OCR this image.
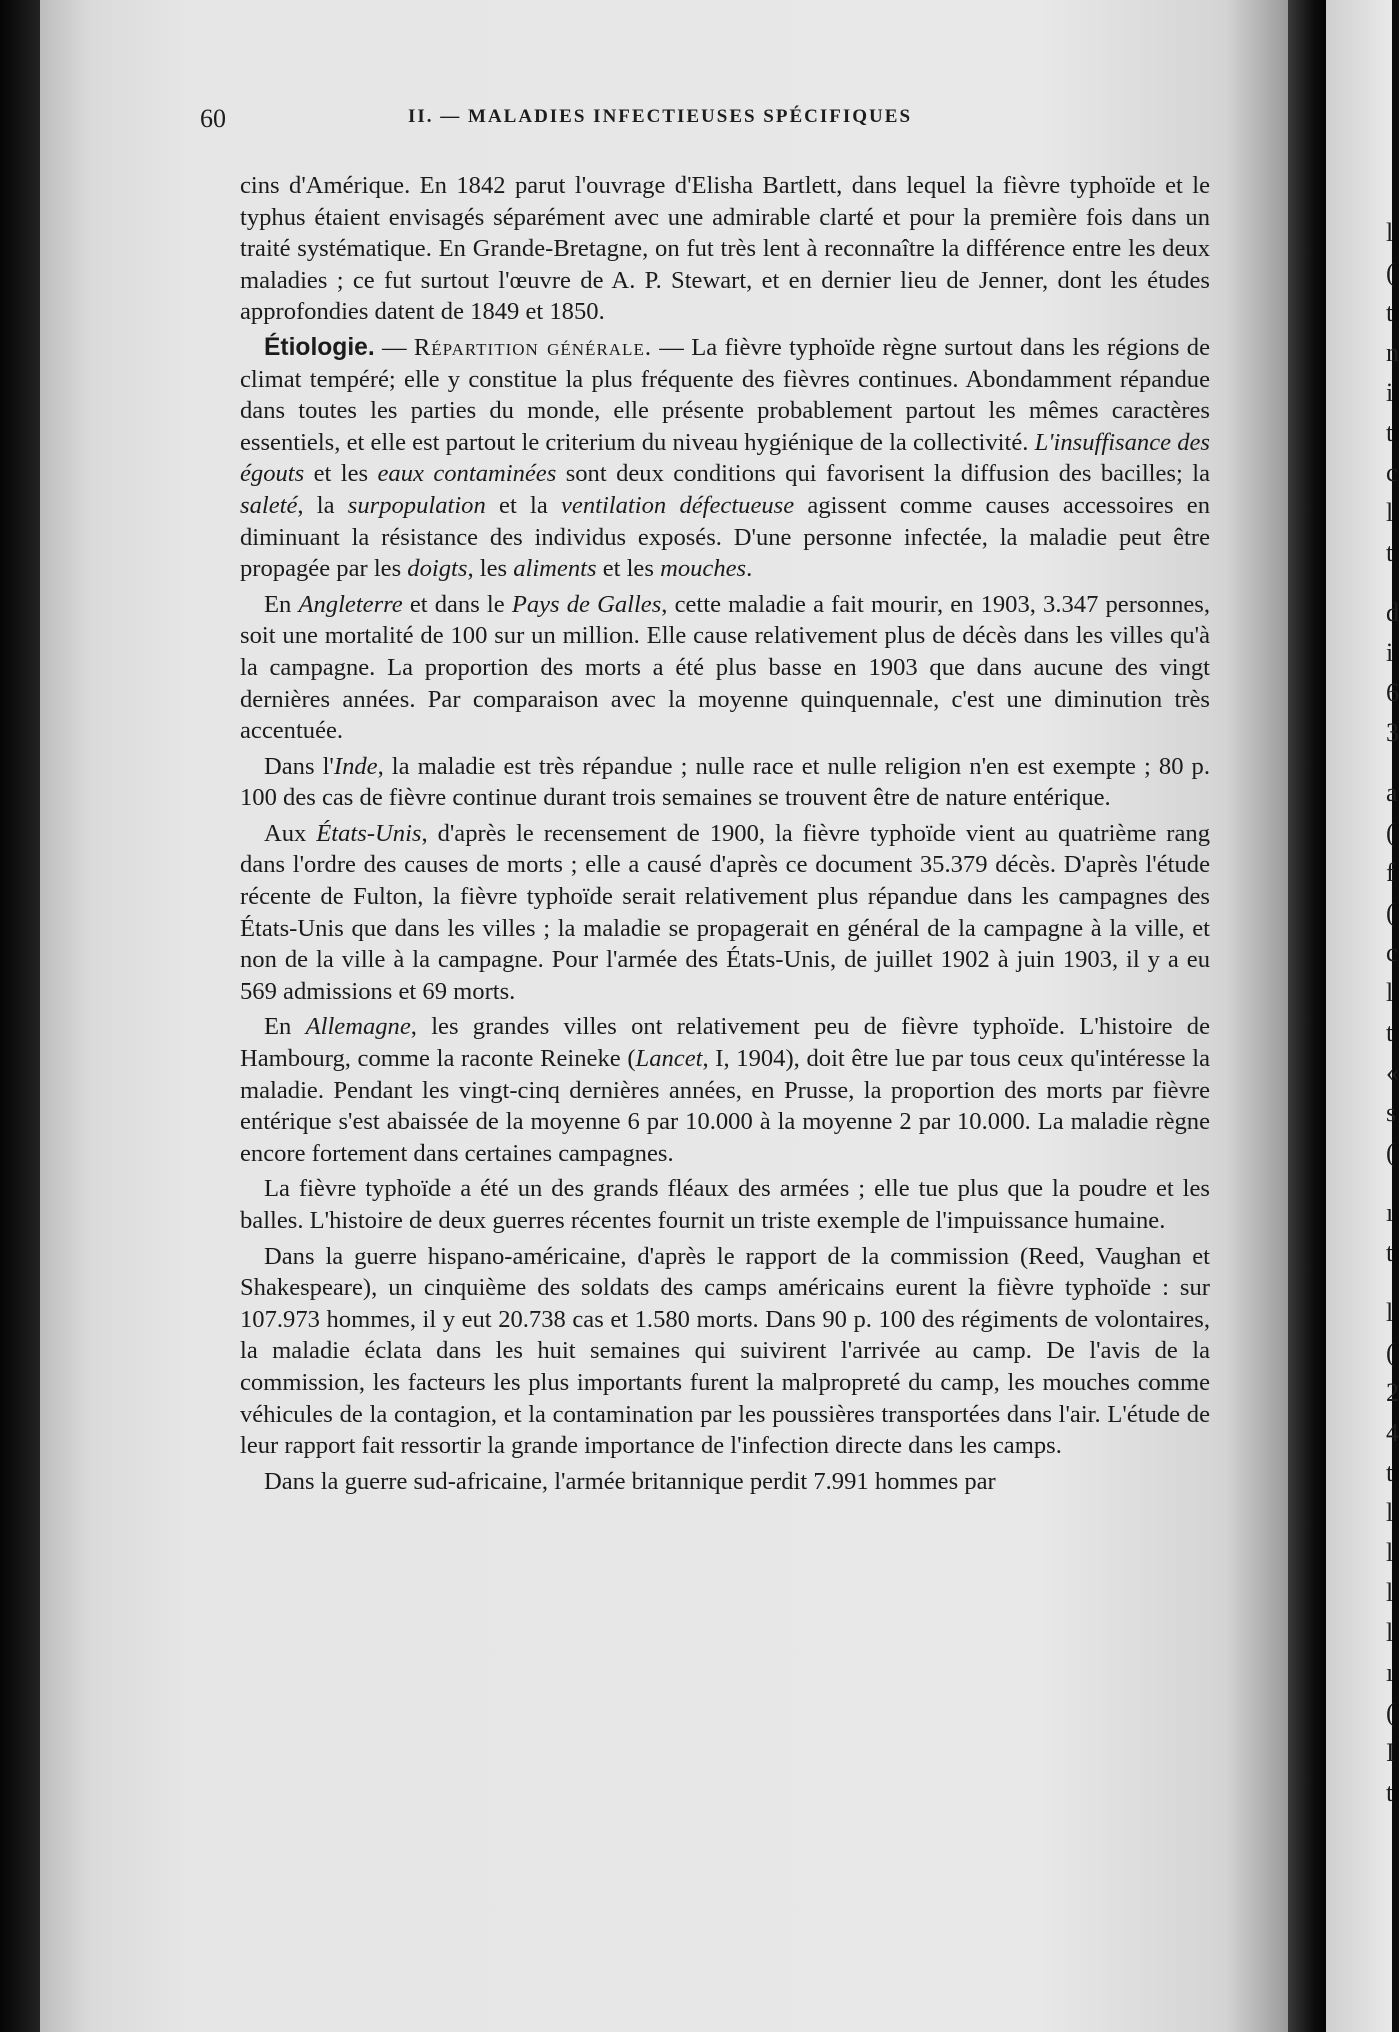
l
(
t
n
i
t
c
l
t
d
i
6
3
a
(
f
(
c
l
t
«
s
(
ı
t
l
(
2
4
t
l
l
l
l
ı
(
I
t
60	II. — MALADIES INFECTIEUSES SPÉCIFIQUES

cins d'Amérique. En 1842 parut l'ouvrage d'Elisha Bartlett, dans lequel la fièvre typhoïde et le typhus étaient envisagés séparément avec une admirable clarté et pour la première fois dans un traité systématique. En Grande-Bretagne, on fut très lent à reconnaître la différence entre les deux maladies ; ce fut surtout l'œuvre de A. P. Stewart, et en dernier lieu de Jenner, dont les études approfondies datent de 1849 et 1850.

Étiologie. — Répartition générale. — La fièvre typhoïde règne surtout dans les régions de climat tempéré; elle y constitue la plus fréquente des fièvres continues. Abondamment répandue dans toutes les parties du monde, elle présente probablement partout les mêmes caractères essentiels, et elle est partout le criterium du niveau hygiénique de la collectivité. L'insuffisance des égouts et les eaux contaminées sont deux conditions qui favorisent la diffusion des bacilles; la saleté, la surpopulation et la ventilation défectueuse agissent comme causes accessoires en diminuant la résistance des individus exposés. D'une personne infectée, la maladie peut être propagée par les doigts, les aliments et les mouches.

En Angleterre et dans le Pays de Galles, cette maladie a fait mourir, en 1903, 3.347 personnes, soit une mortalité de 100 sur un million. Elle cause relativement plus de décès dans les villes qu'à la campagne. La proportion des morts a été plus basse en 1903 que dans aucune des vingt dernières années. Par comparaison avec la moyenne quinquennale, c'est une diminution très accentuée.

Dans l'Inde, la maladie est très répandue ; nulle race et nulle religion n'en est exempte ; 80 p. 100 des cas de fièvre continue durant trois semaines se trouvent être de nature entérique.

Aux États-Unis, d'après le recensement de 1900, la fièvre typhoïde vient au quatrième rang dans l'ordre des causes de morts ; elle a causé d'après ce document 35.379 décès. D'après l'étude récente de Fulton, la fièvre typhoïde serait relativement plus répandue dans les campagnes des États-Unis que dans les villes ; la maladie se propagerait en général de la campagne à la ville, et non de la ville à la campagne. Pour l'armée des États-Unis, de juillet 1902 à juin 1903, il y a eu 569 admissions et 69 morts.

En Allemagne, les grandes villes ont relativement peu de fièvre typhoïde. L'histoire de Hambourg, comme la raconte Reineke (Lancet, I, 1904), doit être lue par tous ceux qu'intéresse la maladie. Pendant les vingt-cinq dernières années, en Prusse, la proportion des morts par fièvre entérique s'est abaissée de la moyenne 6 par 10.000 à la moyenne 2 par 10.000. La maladie règne encore fortement dans certaines campagnes.

La fièvre typhoïde a été un des grands fléaux des armées ; elle tue plus que la poudre et les balles. L'histoire de deux guerres récentes fournit un triste exemple de l'impuissance humaine.

Dans la guerre hispano-américaine, d'après le rapport de la commission (Reed, Vaughan et Shakespeare), un cinquième des soldats des camps américains eurent la fièvre typhoïde : sur 107.973 hommes, il y eut 20.738 cas et 1.580 morts. Dans 90 p. 100 des régiments de volontaires, la maladie éclata dans les huit semaines qui suivirent l'arrivée au camp. De l'avis de la commission, les facteurs les plus importants furent la malpropreté du camp, les mouches comme véhicules de la contagion, et la contamination par les poussières transportées dans l'air. L'étude de leur rapport fait ressortir la grande importance de l'infection directe dans les camps.

Dans la guerre sud-africaine, l'armée britannique perdit 7.991 hommes par
